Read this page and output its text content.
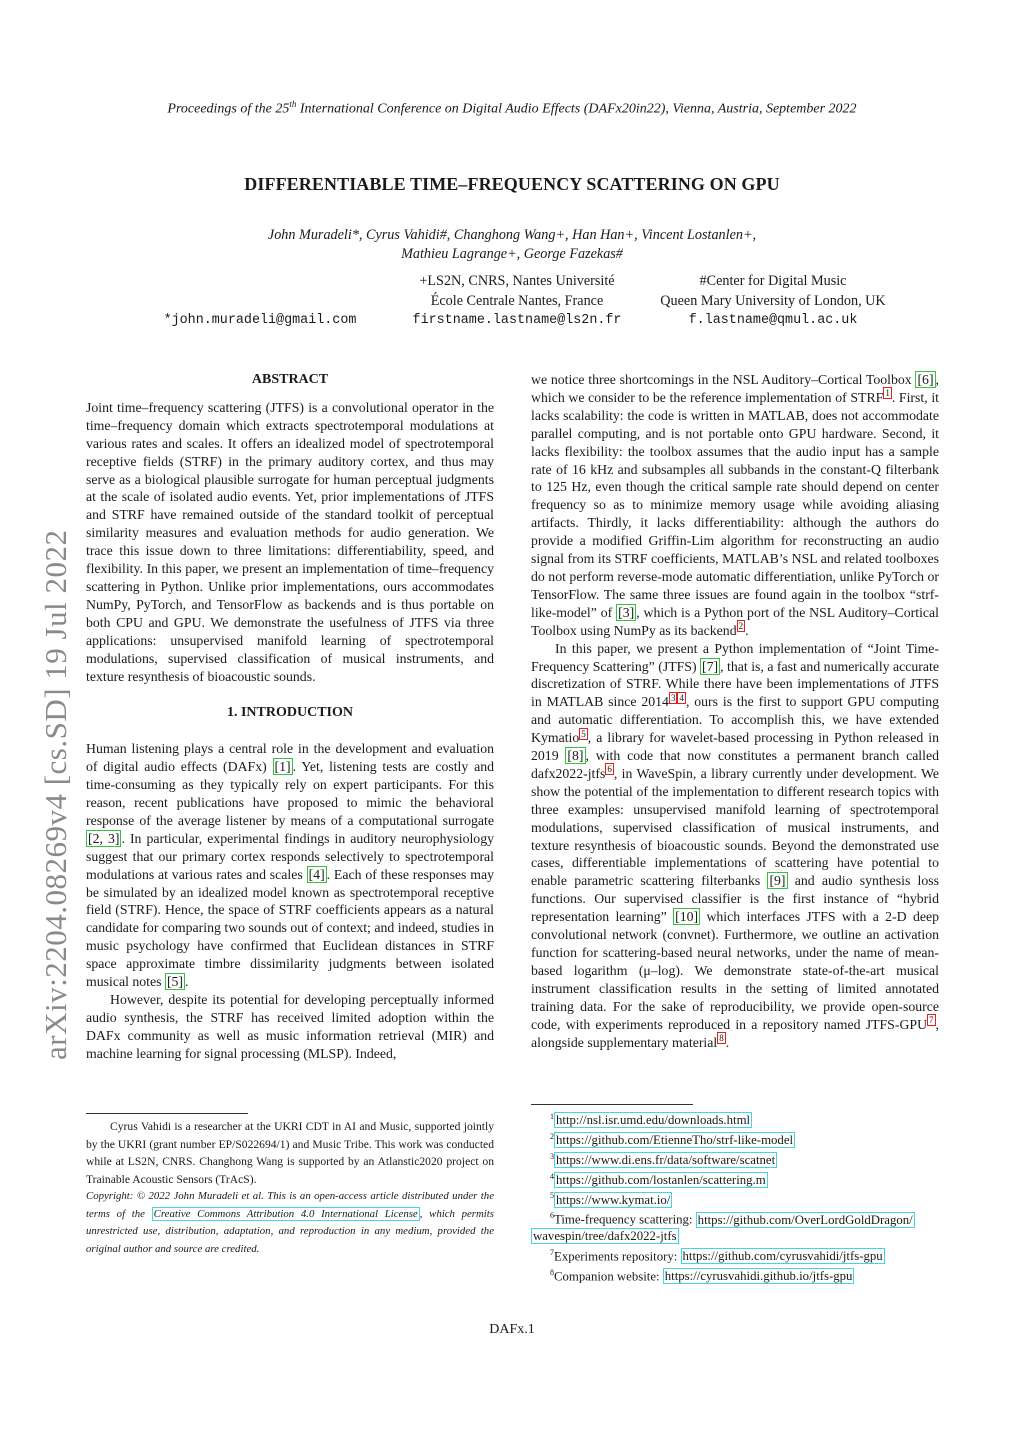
Proceedings of the 25th International Conference on Digital Audio Effects (DAFx20in22), Vienna, Austria, September 2022
DIFFERENTIABLE TIME–FREQUENCY SCATTERING ON GPU
John Muradeli*, Cyrus Vahidi#, Changhong Wang+, Han Han+, Vincent Lostanlen+,
Mathieu Lagrange+, George Fazekas#
+LS2N, CNRS, Nantes Université
École Centrale Nantes, France
firstname.lastname@ls2n.fr
#Center for Digital Music
Queen Mary University of London, UK
f.lastname@qmul.ac.uk
*john.muradeli@gmail.com
arXiv:2204.08269v4 [cs.SD] 19 Jul 2022
ABSTRACT

Joint time–frequency scattering (JTFS) is a convolutional operator in the time–frequency domain which extracts spectrotemporal modulations at various rates and scales. It offers an idealized model of spectrotemporal receptive fields (STRF) in the primary auditory cortex, and thus may serve as a biological plausible surrogate for human perceptual judgments at the scale of isolated audio events. Yet, prior implementations of JTFS and STRF have remained outside of the standard toolkit of perceptual similarity measures and evaluation methods for audio generation. We trace this issue down to three limitations: differentiability, speed, and flexibility. In this paper, we present an implementation of time–frequency scattering in Python. Unlike prior implementations, ours accommodates NumPy, PyTorch, and TensorFlow as backends and is thus portable on both CPU and GPU. We demonstrate the usefulness of JTFS via three applications: unsupervised manifold learning of spectrotemporal modulations, supervised classification of musical instruments, and texture resynthesis of bioacoustic sounds.

1. INTRODUCTION

Human listening plays a central role in the development and evaluation of digital audio effects (DAFx) [1] . Yet, listening tests are costly and time-consuming as they typically rely on expert participants. For this reason, recent publications have proposed to mimic the behavioral response of the average listener by means of a computational surrogate [2, 3] . In particular, experimental findings in auditory neurophysiology suggest that our primary cortex responds selectively to spectrotemporal modulations at various rates and scales [4] . Each of these responses may be simulated by an idealized model known as spectrotemporal receptive field (STRF). Hence, the space of STRF coefficients appears as a natural candidate for comparing two sounds out of context; and indeed, studies in music psychology have confirmed that Euclidean distances in STRF space approximate timbre dissimilarity judgments between isolated musical notes [5] .

However, despite its potential for developing perceptually informed audio synthesis, the STRF has received limited adoption within the DAFx community as well as music information retrieval (MIR) and machine learning for signal processing (MLSP). Indeed,

Cyrus Vahidi is a researcher at the UKRI CDT in AI and Music, supported jointly by the UKRI (grant number EP/S022694/1) and Music Tribe. This work was conducted while at LS2N, CNRS. Changhong Wang is supported by an Atlanstic2020 project on Trainable Acoustic Sensors (TrAcS).

Copyright: © 2022 John Muradeli et al. This is an open-access article distributed under the terms of the Creative Commons Attribution 4.0 International License , which permits unrestricted use, distribution, adaptation, and reproduction in any medium, provided the original author and source are credited.

we notice three shortcomings in the NSL Auditory–Cortical Toolbox [6] , which we consider to be the reference implementation of STRF $^1$ . First, it lacks scalability: the code is written in MATLAB, does not accommodate parallel computing, and is not portable onto GPU hardware. Second, it lacks flexibility: the toolbox assumes that the audio input has a sample rate of 16 kHz and subsamples all subbands in the constant-Q filterbank to 125 Hz, even though the critical sample rate should depend on center frequency so as to minimize memory usage while avoiding aliasing artifacts. Thirdly, it lacks differentiability: although the authors do provide a modified Griffin-Lim algorithm for reconstructing an audio signal from its STRF coefficients, MATLAB’s NSL and related toolboxes do not perform reverse-mode automatic differentiation, unlike PyTorch or TensorFlow. The same three issues are found again in the toolbox “strf-like-model” of [3] , which is a Python port of the NSL Auditory–Cortical Toolbox using NumPy as its backend $^2$ .

In this paper, we present a Python implementation of “Joint Time-Frequency Scattering” (JTFS) [7] , that is, a fast and numerically accurate discretization of STRF. While there have been implementations of JTFS in MATLAB since 2014 $^3$ $^4$ , ours is the first to support GPU computing and automatic differentiation. To accomplish this, we have extended Kymatio $^5$ , a library for wavelet-based processing in Python released in 2019 [8] , with code that now constitutes a permanent branch called dafx2022-jtfs $^6$ , in WaveSpin, a library currently under development. We show the potential of the implementation to different research topics with three examples: unsupervised manifold learning of spectrotemporal modulations, supervised classification of musical instruments, and texture resynthesis of bioacoustic sounds. Beyond the demonstrated use cases, differentiable implementations of scattering have potential to enable parametric scattering filterbanks [9] and audio synthesis loss functions. Our supervised classifier is the first instance of “hybrid representation learning” [10] which interfaces JTFS with a 2-D deep convolutional network (convnet). Furthermore, we outline an activation function for scattering-based neural networks, under the name of mean-based logarithm (μ–log). We demonstrate state-of-the-art musical instrument classification results in the setting of limited annotated training data. For the sake of reproducibility, we provide open-source code, with experiments reproduced in a repository named JTFS-GPU $^7$ , alongside supplementary material $^8$ .

$^1$ http://nsl.isr.umd.edu/downloads.html
$^2$ https://github.com/EtienneTho/strf-like-model
$^3$ https://www.di.ens.fr/data/software/scatnet
$^4$ https://github.com/lostanlen/scattering.m
$^5$ https://www.kymat.io/
$^6$Time-frequency scattering: https://github.com/OverLordGoldDragon/
wavespin/tree/dafx2022-jtfs
$^7$Experiments repository: https://github.com/cyrusvahidi/jtfs-gpu
$^8$Companion website: https://cyrusvahidi.github.io/jtfs-gpu
DAFx.1
